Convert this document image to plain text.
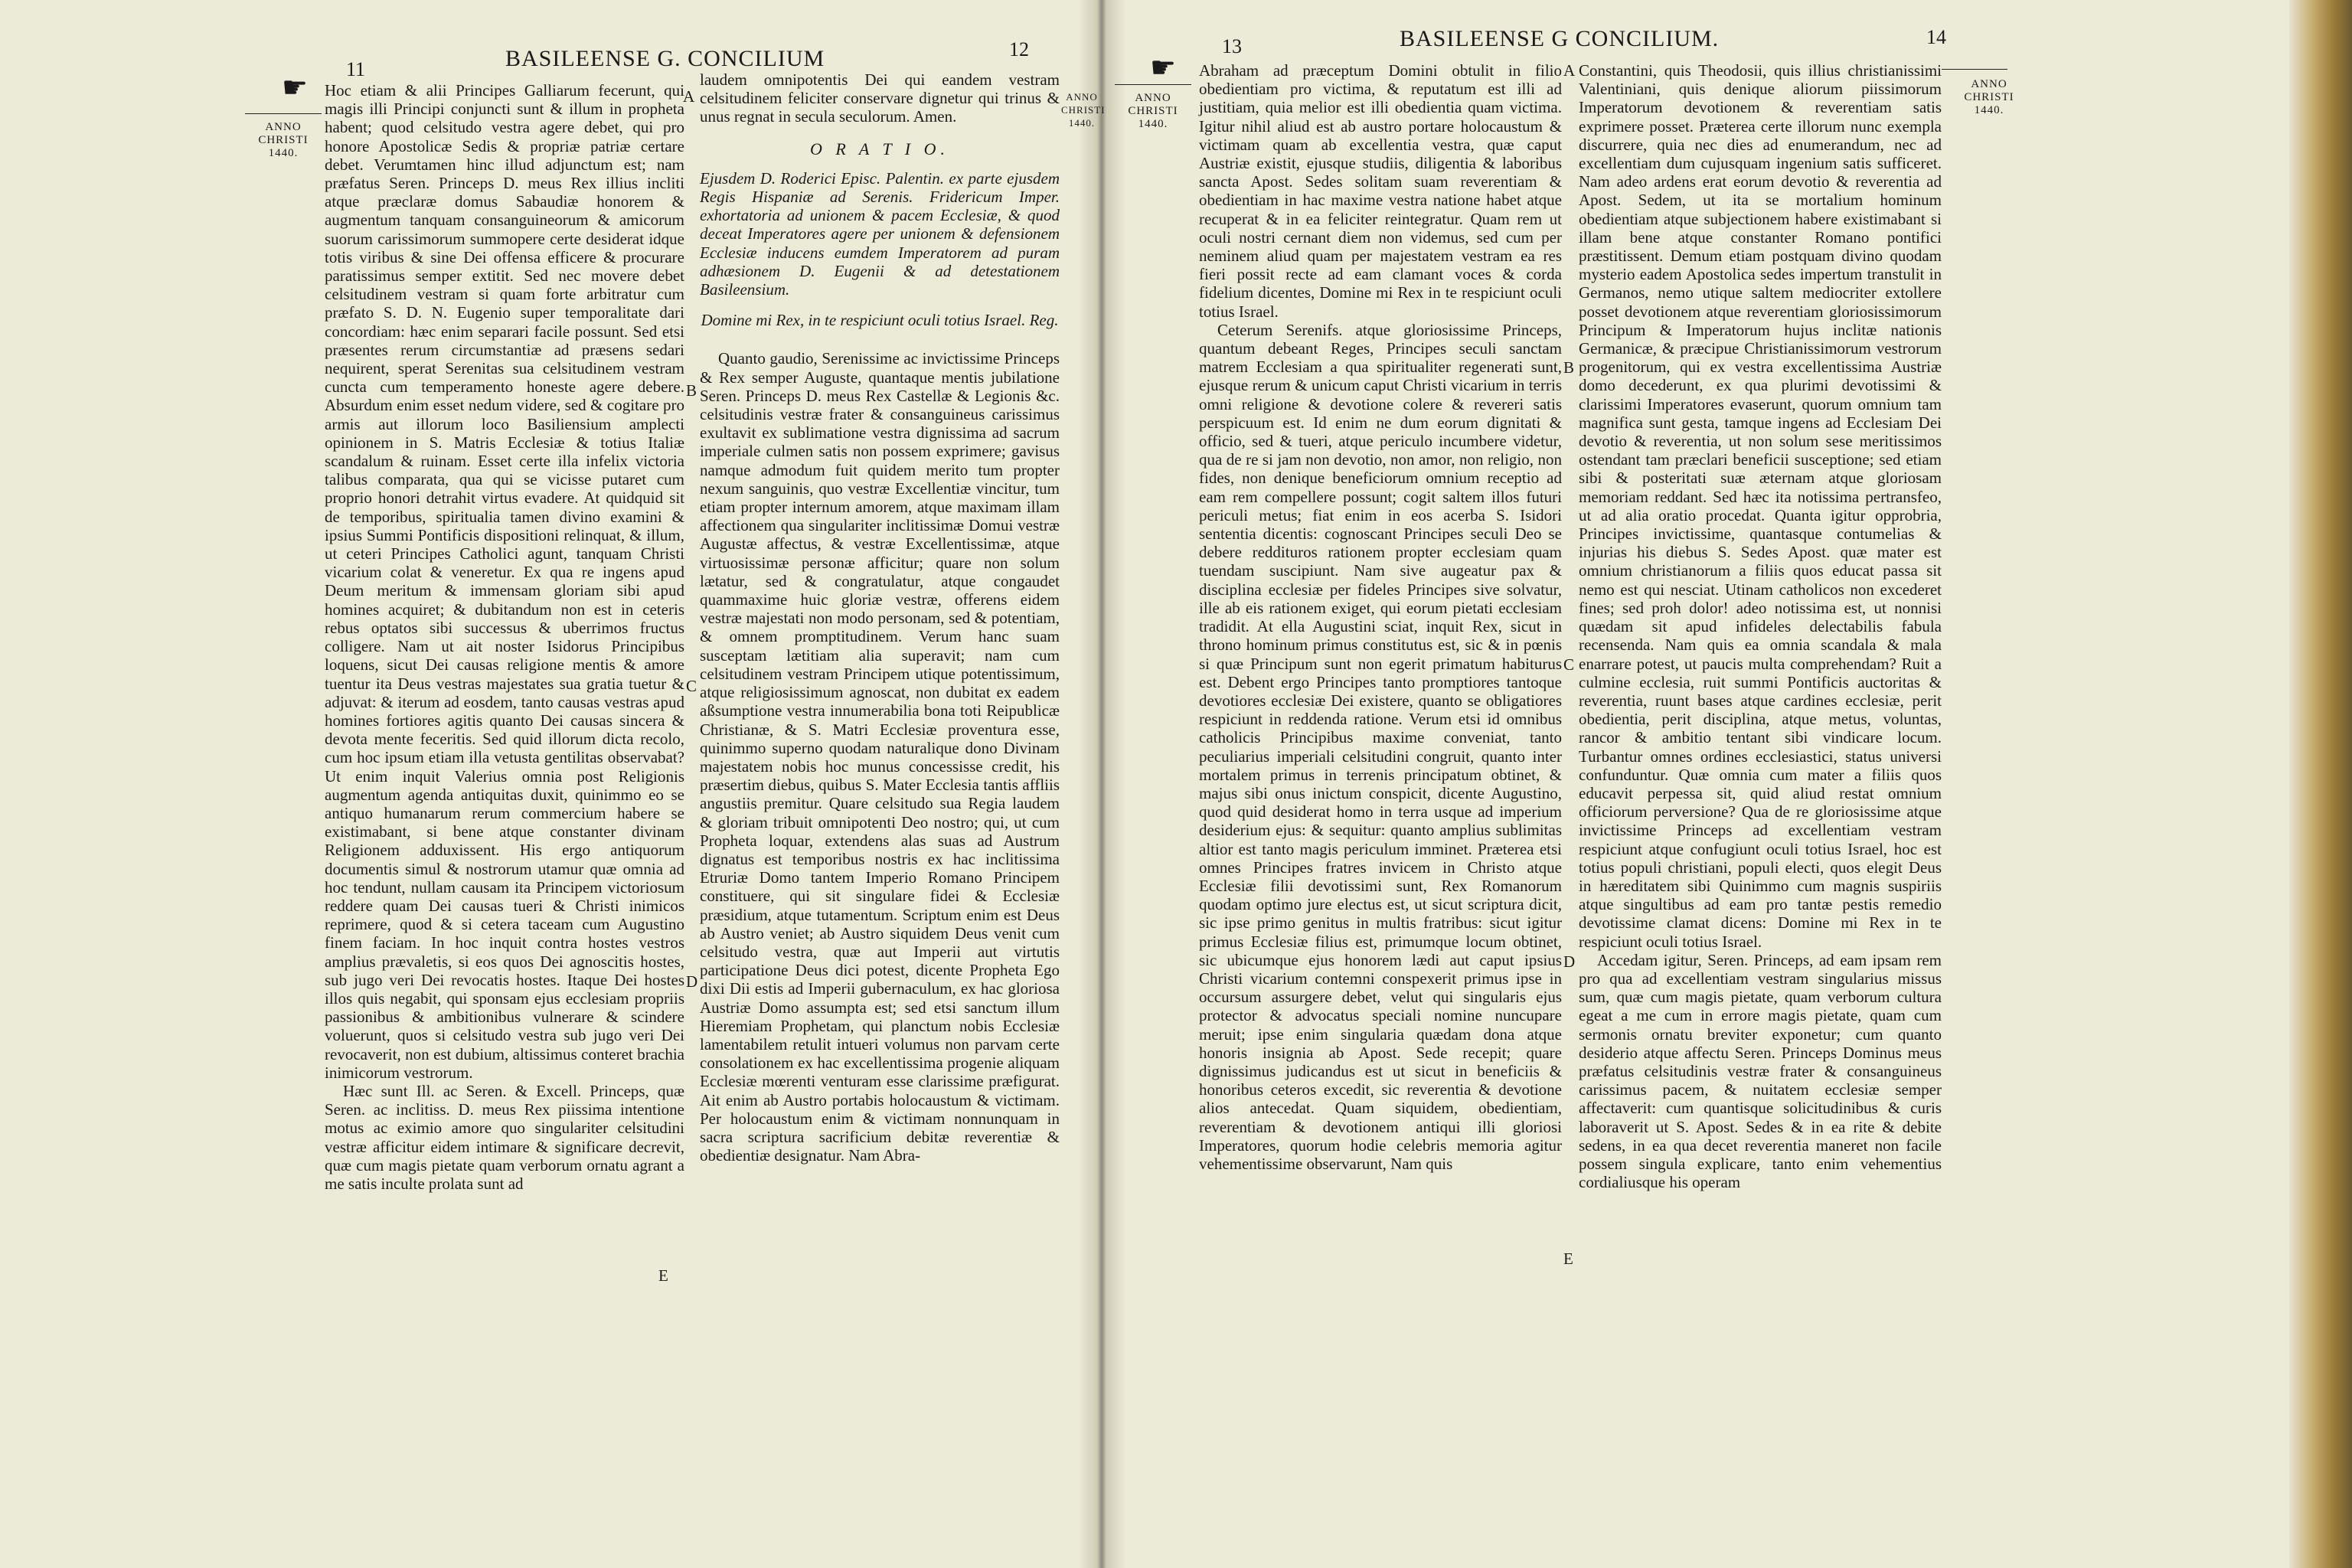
11	BASILEENSE G. CONCILIUM	12
☛
ANNO
CHRISTI
1440.

Hoc etiam & alii Principes Galliarum fecerunt, qui magis illi Principi conjuncti sunt & illum in propheta habent; quod celsitudo vestra agere debet, qui pro honore Apostolicæ Sedis & propriæ patriæ certare debet. Verumtamen hinc illud adjunctum est; nam præfatus Seren. Princeps D. meus Rex illius incliti atque præclaræ domus Sabaudiæ honorem & augmentum tanquam consanguineorum & amicorum suorum carissimorum summopere certe desiderat idque totis viribus & sine Dei offensa efficere & procurare paratissimus semper extitit. Sed nec movere debet celsitudinem vestram si quam forte arbitratur cum præfato S. D. N. Eugenio super temporalitate dari concordiam: hæc enim separari facile possunt. Sed etsi præsentes rerum circumstantiæ ad præsens sedari nequirent, sperat Serenitas sua celsitudinem vestram cuncta cum temperamento honeste agere debere. Absurdum enim esset nedum videre, sed & cogitare pro armis aut illorum loco Basiliensium amplecti opinionem in S. Matris Ecclesiæ & totius Italiæ scandalum & ruinam. Esset certe illa infelix victoria talibus comparata, qua qui se vicisse putaret cum proprio honori detrahit virtus evadere. At quidquid sit de temporibus, spiritualia tamen divino examini & ipsius Summi Pontificis dispositioni relinquat, & illum, ut ceteri Principes Catholici agunt, tanquam Christi vicarium colat & veneretur. Ex qua re ingens apud Deum meritum & immensam gloriam sibi apud homines acquiret; & dubitandum non est in ceteris rebus optatos sibi successus & uberrimos fructus colligere. Nam ut ait noster Isidorus Principibus loquens, sicut Dei causas religione mentis & amore tuentur ita Deus vestras majestates sua gratia tuetur & adjuvat: & iterum ad eosdem, tanto causas vestras apud homines fortiores agitis quanto Dei causas sincera & devota mente feceritis. Sed quid illorum dicta recolo, cum hoc ipsum etiam illa vetusta gentilitas observabat? Ut enim inquit Valerius omnia post Religionis augmentum agenda antiquitas duxit, quinimmo eo se antiquo humanarum rerum commercium habere se existimabant, si bene atque constanter divinam Religionem adduxissent. His ergo antiquorum documentis simul & nostrorum utamur quæ omnia ad hoc tendunt, nullam causam ita Principem victoriosum reddere quam Dei causas tueri & Christi inimicos reprimere, quod & si cetera taceam cum Augustino finem faciam. In hoc inquit contra hostes vestros amplius prævaletis, si eos quos Dei agnoscitis hostes, sub jugo veri Dei revocatis hostes. Itaque Dei hostes illos quis negabit, qui sponsam ejus ecclesiam propriis passionibus & ambitionibus vulnerare & scindere voluerunt, quos si celsitudo vestra sub jugo veri Dei revocaverit, non est dubium, altissimus conteret brachia inimicorum vestrorum.

Hæc sunt Ill. ac Seren. & Excell. Princeps, quæ Seren. ac inclitiss. D. meus Rex piissima intentione motus ac eximio amore quo singulariter celsitudini vestræ afficitur eidem intimare & significare decrevit, quæ cum magis pietate quam verborum ornatu agrant a me satis inculte prolata sunt ad

A
B
C
D
E

laudem omnipotentis Dei qui eandem vestram celsitudinem feliciter conservare dignetur qui trinus & unus regnat in secula seculorum. Amen.

O R A T I O.

Ejusdem D. Roderici Episc. Palentin. ex parte ejusdem Regis Hispaniæ ad Serenis. Fridericum Imper. exhortatoria ad unionem & pacem Ecclesiæ, & quod deceat Imperatores agere per unionem & defensionem Ecclesiæ inducens eumdem Imperatorem ad puram adhæsionem D. Eugenii & ad detestationem Basileensium.

Domine mi Rex, in te respiciunt oculi totius Israel. Reg.

Quanto gaudio, Serenissime ac invictissime Princeps & Rex semper Auguste, quantaque mentis jubilatione Seren. Princeps D. meus Rex Castellæ & Legionis &c. celsitudinis vestræ frater & consanguineus carissimus exultavit ex sublimatione vestra dignissima ad sacrum imperiale culmen satis non possem exprimere; gavisus namque admodum fuit quidem merito tum propter nexum sanguinis, quo vestræ Excellentiæ vincitur, tum etiam propter internum amorem, atque maximam illam affectionem qua singulariter inclitissimæ Domui vestræ Augustæ affectus, & vestræ Excellentissimæ, atque virtuosissimæ personæ afficitur; quare non solum lætatur, sed & congratulatur, atque congaudet quammaxime huic gloriæ vestræ, offerens eidem vestræ majestati non modo personam, sed & potentiam, & omnem promptitudinem. Verum hanc suam susceptam lætitiam alia superavit; nam cum celsitudinem vestram Principem utique potentissimum, atque religiosissimum agnoscat, non dubitat ex eadem aßsumptione vestra innumerabilia bona toti Reipublicæ Christianæ, & S. Matri Ecclesiæ proventura esse, quinimmo superno quodam naturalique dono Divinam majestatem nobis hoc munus concessisse credit, his præsertim diebus, quibus S. Mater Ecclesia tantis affliis angustiis premitur. Quare celsitudo sua Regia laudem & gloriam tribuit omnipotenti Deo nostro; qui, ut cum Propheta loquar, extendens alas suas ad Austrum dignatus est temporibus nostris ex hac inclitissima Etruriæ Domo tantem Imperio Romano Principem constituere, qui sit singulare fidei & Ecclesiæ præsidium, atque tutamentum. Scriptum enim est Deus ab Austro veniet; ab Austro siquidem Deus venit cum celsitudo vestra, quæ aut Imperii aut virtutis participatione Deus dici potest, dicente Propheta Ego dixi Dii estis ad Imperii gubernaculum, ex hac gloriosa Austriæ Domo assumpta est; sed etsi sanctum illum Hieremiam Prophetam, qui planctum nobis Ecclesiæ lamentabilem retulit intueri volumus non parvam certe consolationem ex hac excellentissima progenie aliquam Ecclesiæ mœrenti venturam esse clarissime præfigurat. Ait enim ab Austro portabis holocaustum & victimam. Per holocaustum enim & victimam nonnunquam in sacra scriptura sacrificium debitæ reverentiæ & obedientiæ designatur. Nam Abra-

ANNO
CHRISTI
1440.
13	BASILEENSE G CONCILIUM.	14
☛
ANNO
CHRISTI
1440.

Abraham ad præceptum Domini obtulit in filio obedientiam pro victima, & reputatum est illi ad justitiam, quia melior est illi obedientia quam victima. Igitur nihil aliud est ab austro portare holocaustum & victimam quam ab excellentia vestra, quæ caput Austriæ existit, ejusque studiis, diligentia & laboribus sancta Apost. Sedes solitam suam reverentiam & obedientiam in hac maxime vestra natione habet atque recuperat & in ea feliciter reintegratur. Quam rem ut oculi nostri cernant diem non videmus, sed cum per neminem aliud quam per majestatem vestram ea res fieri possit recte ad eam clamant voces & corda fidelium dicentes, Domine mi Rex in te respiciunt oculi totius Israel.

Ceterum Serenifs. atque gloriosissime Princeps, quantum debeant Reges, Principes seculi sanctam matrem Ecclesiam a qua spiritualiter regenerati sunt, ejusque rerum & unicum caput Christi vicarium in terris omni religione & devotione colere & revereri satis perspicuum est. Id enim ne dum eorum dignitati & officio, sed & tueri, atque periculo incumbere videtur, qua de re si jam non devotio, non amor, non religio, non fides, non denique beneficiorum omnium receptio ad eam rem compellere possunt; cogit saltem illos futuri periculi metus; fiat enim in eos acerba S. Isidori sententia dicentis: cognoscant Principes seculi Deo se debere reddituros rationem propter ecclesiam quam tuendam suscipiunt. Nam sive augeatur pax & disciplina ecclesiæ per fideles Principes sive solvatur, ille ab eis rationem exiget, qui eorum pietati ecclesiam tradidit. At ella Augustini sciat, inquit Rex, sicut in throno hominum primus constitutus est, sic & in pœnis si quæ Principum sunt non egerit primatum habiturus est. Debent ergo Principes tanto promptiores tantoque devotiores ecclesiæ Dei existere, quanto se obligatiores respiciunt in reddenda ratione. Verum etsi id omnibus catholicis Principibus maxime conveniat, tanto peculiarius imperiali celsitudini congruit, quanto inter mortalem primus in terrenis principatum obtinet, & majus sibi onus inictum conspicit, dicente Augustino, quod quid desiderat homo in terra usque ad imperium desiderium ejus: & sequitur: quanto amplius sublimitas altior est tanto magis periculum imminet. Præterea etsi omnes Principes fratres invicem in Christo atque Ecclesiæ filii devotissimi sunt, Rex Romanorum quodam optimo jure electus est, ut sicut scriptura dicit, sic ipse primo genitus in multis fratribus: sicut igitur primus Ecclesiæ filius est, primumque locum obtinet, sic ubicumque ejus honorem lædi aut caput ipsius Christi vicarium contemni conspexerit primus ipse in occursum assurgere debet, velut qui singularis ejus protector & advocatus speciali nomine nuncupare meruit; ipse enim singularia quædam dona atque honoris insignia ab Apost. Sede recepit; quare dignissimus judicandus est ut sicut in beneficiis & honoribus ceteros excedit, sic reverentia & devotione alios antecedat. Quam siquidem, obedientiam, reverentiam & devotionem antiqui illi gloriosi Imperatores, quorum hodie celebris memoria agitur vehementissime observarunt, Nam quis

A
B
C
D
E

Constantini, quis Theodosii, quis illius christianissimi Valentiniani, quis denique aliorum piissimorum Imperatorum devotionem & reverentiam satis exprimere posset. Præterea certe illorum nunc exempla discurrere, quia nec dies ad enumerandum, nec ad excellentiam dum cujusquam ingenium satis sufficeret. Nam adeo ardens erat eorum devotio & reverentia ad Apost. Sedem, ut ita se mortalium hominum obedientiam atque subjectionem habere existimabant si illam bene atque constanter Romano pontifici præstitissent. Demum etiam postquam divino quodam mysterio eadem Apostolica sedes impertum transtulit in Germanos, nemo utique saltem mediocriter extollere posset devotionem atque reverentiam gloriosissimorum Principum & Imperatorum hujus inclitæ nationis Germanicæ, & præcipue Christianissimorum vestrorum progenitorum, qui ex vestra excellentissima Austriæ domo decederunt, ex qua plurimi devotissimi & clarissimi Imperatores evaserunt, quorum omnium tam magnifica sunt gesta, tamque ingens ad Ecclesiam Dei devotio & reverentia, ut non solum sese meritissimos ostendant tam præclari beneficii susceptione; sed etiam sibi & posteritati suæ æternam atque gloriosam memoriam reddant. Sed hæc ita notissima pertransfeo, ut ad alia oratio procedat. Quanta igitur opprobria, Principes invictissime, quantasque contumelias & injurias his diebus S. Sedes Apost. quæ mater est omnium christianorum a filiis quos educat passa sit nemo est qui nesciat. Utinam catholicos non excederet fines; sed proh dolor! adeo notissima est, ut nonnisi quædam sit apud infideles delectabilis fabula recensenda. Nam quis ea omnia scandala & mala enarrare potest, ut paucis multa comprehendam? Ruit a culmine ecclesia, ruit summi Pontificis auctoritas & reverentia, ruunt bases atque cardines ecclesiæ, perit obedientia, perit disciplina, atque metus, voluntas, rancor & ambitio tentant sibi vindicare locum. Turbantur omnes ordines ecclesiastici, status universi confunduntur. Quæ omnia cum mater a filiis quos educavit perpessa sit, quid aliud restat omnium officiorum perversione? Qua de re gloriosissime atque invictissime Princeps ad excellentiam vestram respiciunt atque confugiunt oculi totius Israel, hoc est totius populi christiani, populi electi, quos elegit Deus in hæreditatem sibi Quinimmo cum magnis suspiriis atque singultibus ad eam pro tantæ pestis remedio devotissime clamat dicens: Domine mi Rex in te respiciunt oculi totius Israel.

Accedam igitur, Seren. Princeps, ad eam ipsam rem pro qua ad excellentiam vestram singularius missus sum, quæ cum magis pietate, quam verborum cultura egeat a me cum in errore magis pietate, quam cum sermonis ornatu breviter exponetur; cum quanto desiderio atque affectu Seren. Princeps Dominus meus præfatus celsitudinis vestræ frater & consanguineus carissimus pacem, & nuitatem ecclesiæ semper affectaverit: cum quantisque solicitudinibus & curis laboraverit ut S. Apost. Sedes & in ea rite & debite sedens, in ea qua decet reverentia maneret non facile possem singula explicare, tanto enim vehementius cordialiusque his operam

ANNO
CHRISTI
1440.
